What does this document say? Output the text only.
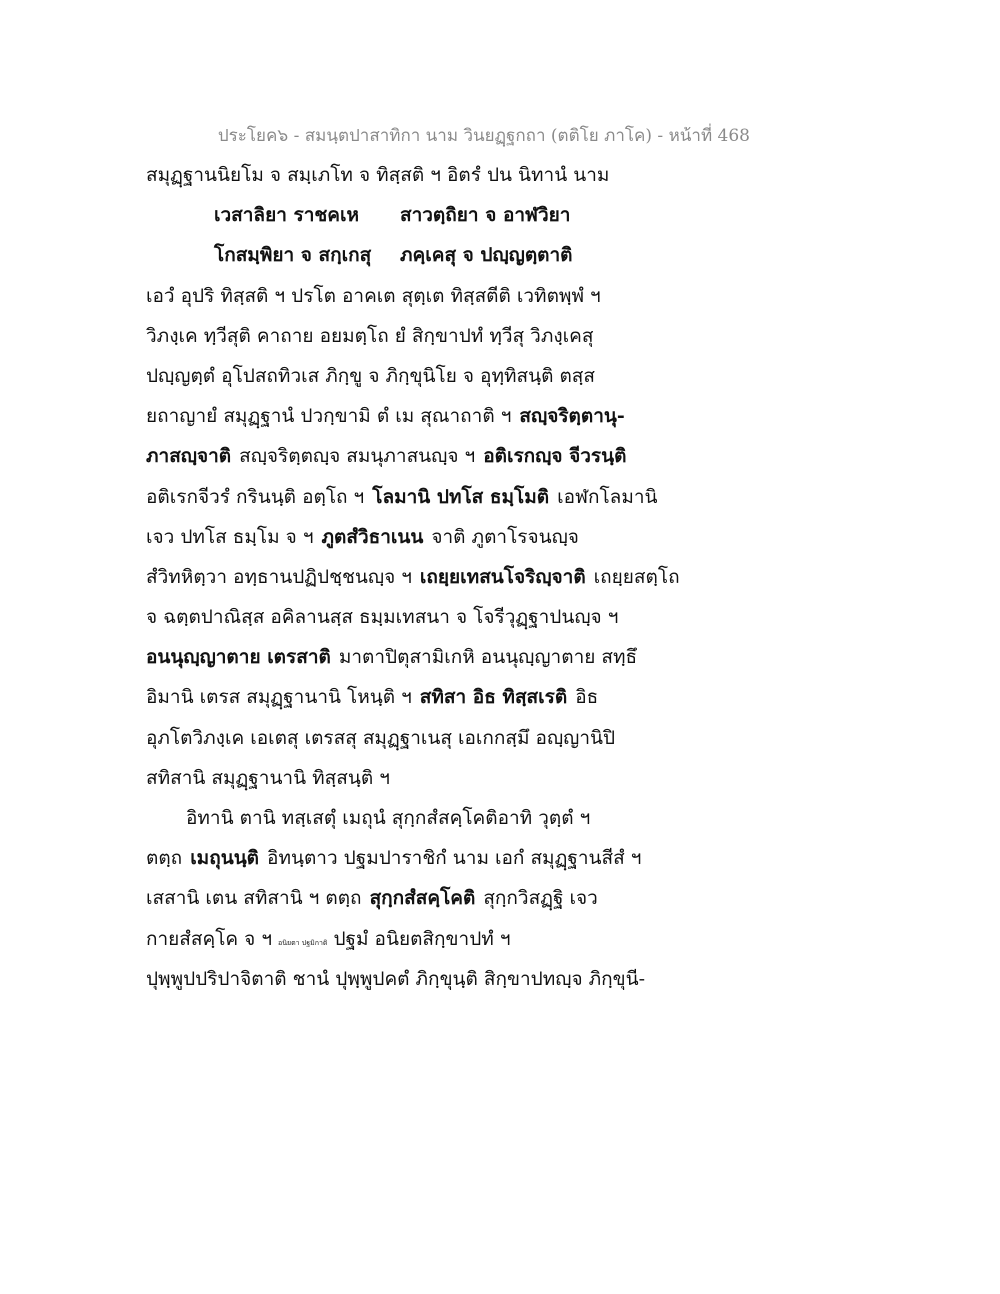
ประโยค๖ - สมนฺตปาสาทิกา นาม วินยฏฺฐกถา (ตติโย ภาโค) - หน้าที่ 468
สมุฏฺฐานนิยโม จ สมฺเภโท จ ทิสฺสติ ฯ อิตรํ ปน นิทานํ นาม
เวสาลิยา ราชคเห สาวตฺถิยา จ อาฬวิยา
โกสมฺพิยา จ สกฺเกสุ ภคฺเคสุ จ ปญฺญตฺตาติ
เอวํ อุปริ ทิสฺสติ ฯ ปรโต อาคเต สุตฺเต ทิสฺสตีติ เวทิตพฺพํ ฯ
วิภงฺเค ทฺวีสุติ คาถาย อยมตฺโถ ยํ สิกฺขาปทํ ทฺวีสุ วิภงฺเคสุ
ปญฺญตฺตํ อุโปสถทิวเส ภิกฺขู จ ภิกฺขุนิโย จ อุทฺทิสนฺติ ตสฺส
ยถาญายํ สมุฏฺฐานํ ปวกฺขามิ ตํ เม สุณาถาติ ฯ สญฺจริตฺตานุ-
ภาสญฺจาติ สญฺจริตฺตญฺจ สมนุภาสนญฺจ ฯ อติเรกญฺจ จีวรนฺติ
อติเรกจีวรํ กรินนฺติ อตฺโถ ฯ โลมานิ ปทโส ธมฺโมติ เอฬกโลมานิ
เจว ปทโส ธมฺโม จ ฯ ภูตสํวิธาเนน จาติ ภูตาโรจนญฺจ
สํวิทหิตฺวา อทฺธานปฏิปชฺชนญฺจ ฯ เถยฺยเทสนโจริญฺจาติ เถยฺยสตฺโถ
จ ฉตฺตปาณิสฺส อคิลานสฺส ธมฺมเทสนา จ โจรีวุฏฺฐาปนญฺจ ฯ
อนนุญฺญาตาย เตรสาติ มาตาปิตุสามิเกหิ อนนุญฺญาตาย สทฺธึ
อิมานิ เตรส สมุฏฺฐานานิ โหนฺติ ฯ สทิสา อิธ ทิสฺสเรติ อิธ
อุภโตวิภงฺเค เอเตสุ เตรสสุ สมุฏฺฐาเนสุ เอเกกสฺมึ อญฺญานิปิ
สทิสานิ สมุฏฺฐานานิ ทิสฺสนฺติ ฯ
อิทานิ ตานิ ทสฺเสตุํ เมถุนํ สุกฺกสํสคฺโคติอาทิ วุตฺตํ ฯ
ตตฺถ เมถุนนฺติ อิทนฺตาว ปฐมปาราชิกํ นาม เอกํ สมุฏฺฐานสีสํ ฯ
เสสานิ เตน สทิสานิ ฯ ตตฺถ สุกฺกสํสคฺโคติ สุกฺกวิสฏฺฐิ เจว
กายสํสคฺโค จ ฯ อนิยตา ปฐมิกาติ ปฐมํ อนิยตสิกฺขาปทํ ฯ
ปุพฺพูปปริปาจิตาติ ชานํ ปุพฺพูปคตํ ภิกฺขุนฺติ สิกฺขาปทญฺจ ภิกฺขุนี-
